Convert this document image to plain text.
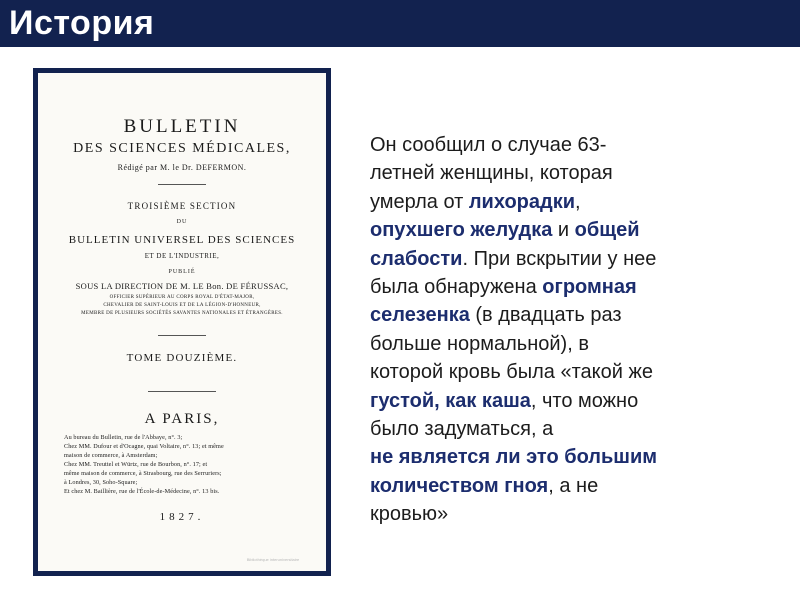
История
BULLETIN
DES SCIENCES MÉDICALES,
Rédigé par M. le Dr. DEFERMON.
TROISIÈME SECTION
DU
BULLETIN UNIVERSEL DES SCIENCES
ET DE L'INDUSTRIE,
PUBLIÉ
SOUS LA DIRECTION DE M. LE Bon. DE FÉRUSSAC,
OFFICIER SUPÉRIEUR AU CORPS ROYAL D'ÉTAT-MAJOR,
CHEVALIER DE SAINT-LOUIS ET DE LA LÉGION-D'HONNEUR,
MEMBRE DE PLUSIEURS SOCIÉTÉS SAVANTES NATIONALES ET ÉTRANGÈRES.
TOME DOUZIÈME.
A PARIS,
Au bureau du Bulletin, rue de l'Abbaye, n°. 3;
Chez MM. Dufour et d'Ocagne, quai Voltaire, n°. 13; et même
maison de commerce, à Amsterdam;
Chez MM. Treuttel et Würtz, rue de Bourbon, n°. 17; et
même maison de commerce, à Strasbourg, rue des Serruriers;
à Londres, 30, Soho-Square;
Et chez M. Baillière, rue de l'École-de-Médecine, n°. 13 bis.
1827.
Bibliothèque interuniversitaire
Он сообщил о случае 63-
летней женщины, которая
умерла от лихорадки,
опухшего желудка и общей
слабости. При вскрытии у нее
была обнаружена огромная
селезенка (в двадцать раз
больше нормальной), в
которой кровь была «такой же
густой, как каша, что можно
было задуматься, а
не является ли это большим
количеством гноя, а не
кровью»
